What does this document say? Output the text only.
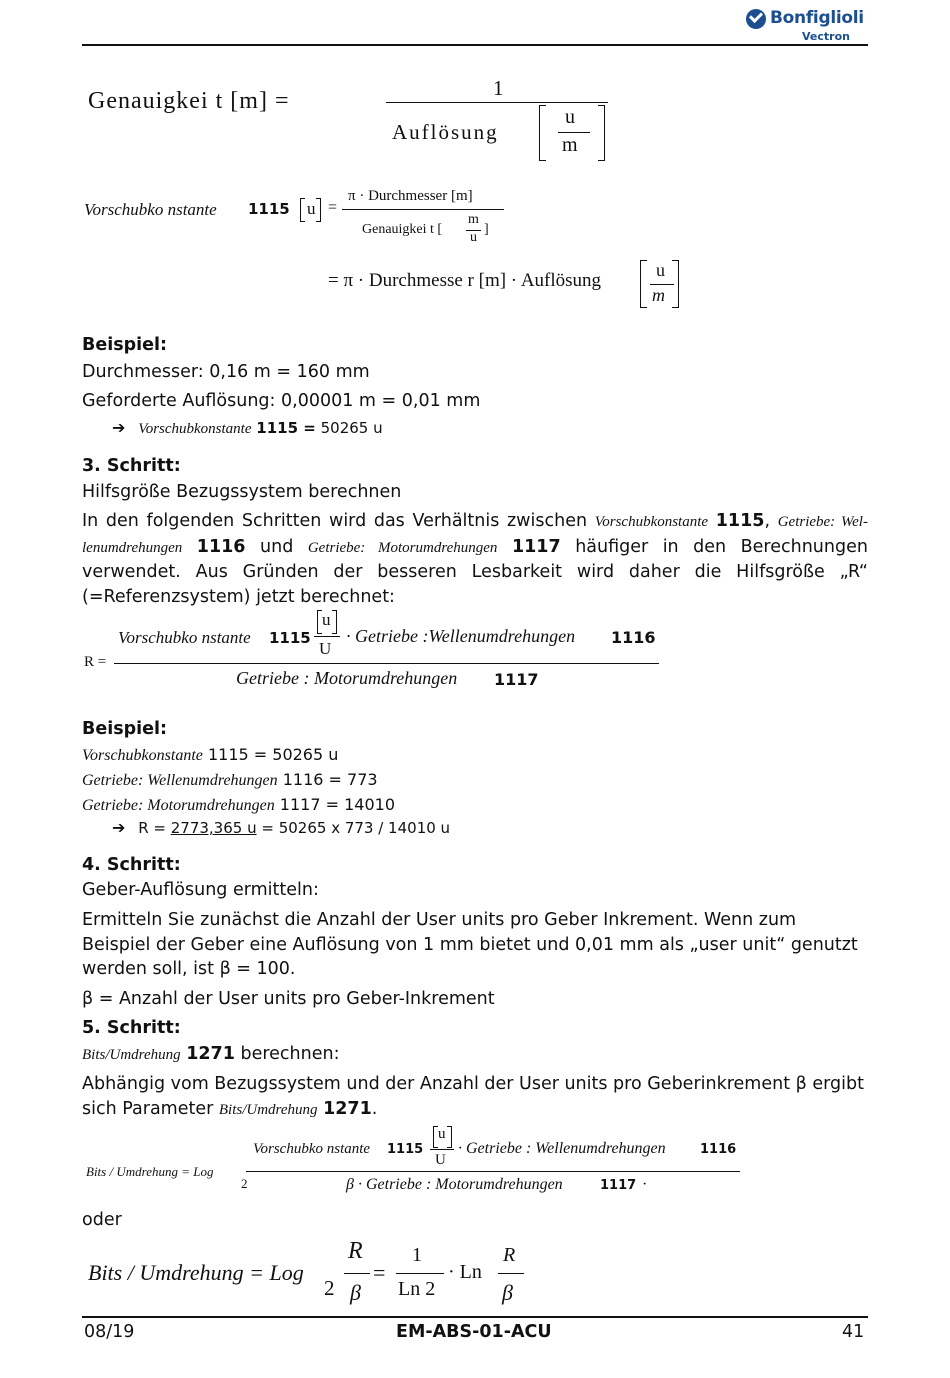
Bonfiglioli
Vectron
Genauigkei t [m] =	1
Auflösung
u
m
Vorschubko nstante 1115 u =
π · Durchmesser [m]
Genauigkei t [
m
u
]
= π · Durchmesse r [m] · Auflösung	u
m
Beispiel:
Durchmesser: 0,16 m = 160 mm
Geforderte Auflösung: 0,00001 m = 0,01 mm
➔ Vorschubkonstante 1115 = 50265 u
3. Schritt:
Hilfsgröße Bezugssystem berechnen
In den folgenden Schritten wird das Verhältnis zwischen Vorschubkonstante 1115, Getriebe: Wel-lenumdrehungen 1116 und Getriebe: Motorumdrehungen 1117 häufiger in den Berechnungen verwendet. Aus Gründen der besseren Lesbarkeit wird daher die Hilfsgröße „R“ (=Referenzsystem) jetzt berechnet:
R =
Vorschubko nstante 1115
u
U
· Getriebe :Wellenumdrehungen 1116
Getriebe : Motorumdrehungen 1117
Beispiel:
Vorschubkonstante 1115 = 50265 u
Getriebe: Wellenumdrehungen 1116 = 773
Getriebe: Motorumdrehungen 1117 = 14010
➔ R = 2773,365 u = 50265 x 773 / 14010 u
4. Schritt:
Geber-Auflösung ermitteln:
Ermitteln Sie zunächst die Anzahl der User units pro Geber Inkrement. Wenn zum Beispiel der Geber eine Auflösung von 1 mm bietet und 0,01 mm als „user unit“ genutzt werden soll, ist β = 100.
β = Anzahl der User units pro Geber-Inkrement
5. Schritt:
Bits/Umdrehung 1271 berechnen:
Abhängig vom Bezugssystem und der Anzahl der User units pro Geberinkrement β ergibt sich Parameter Bits/Umdrehung 1271.
Bits / Umdrehung = Log
2
Vorschubko nstante 1115
u
U
· Getriebe : Wellenumdrehungen	1116
β · Getriebe : Motorumdrehungen	1117 ·
oder
Bits / Umdrehung = Log
2
R
β
=
1
Ln 2
· Ln
R
β
08/19	EM-ABS-01-ACU	41
